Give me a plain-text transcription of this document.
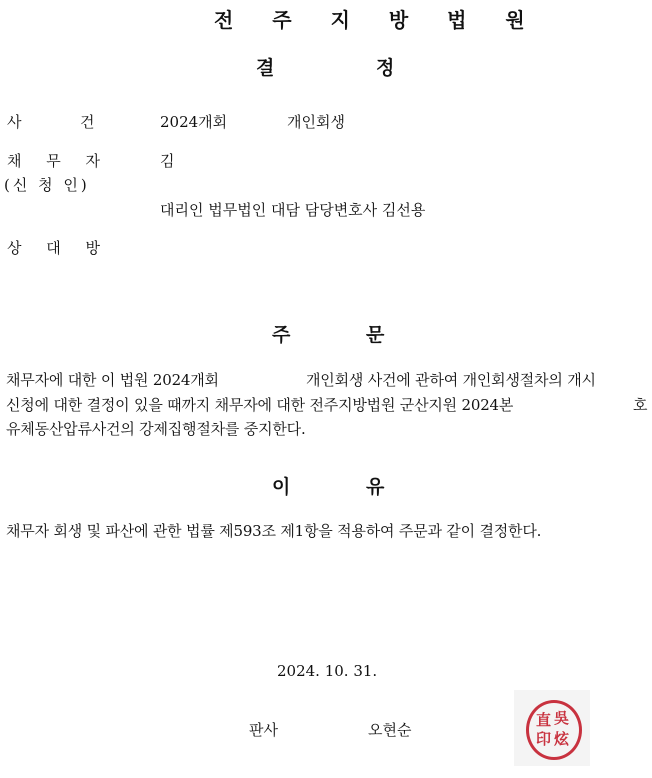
전 주 지 방 법 원
결	정
사	건	2024개회	개인회생
채 무 자	김
(신 청 인)
대리인 법무법인 대담 담당변호사 김선용
상 대 방
주	문
채무자에 대한 이 법원 2024개회	개인회생 사건에 관하여 개인회생절차의 개시
신청에 대한 결정이 있을 때까지 채무자에 대한 전주지방법원 군산지원 2024본	호
유체동산압류사건의 강제집행절차를 중지한다.
이	유
채무자 회생 및 파산에 관한 법률 제593조 제1항을 적용하여 주문과 같이 결정한다.
2024. 10. 31.
판사	오현순
直 吳
印 炫
